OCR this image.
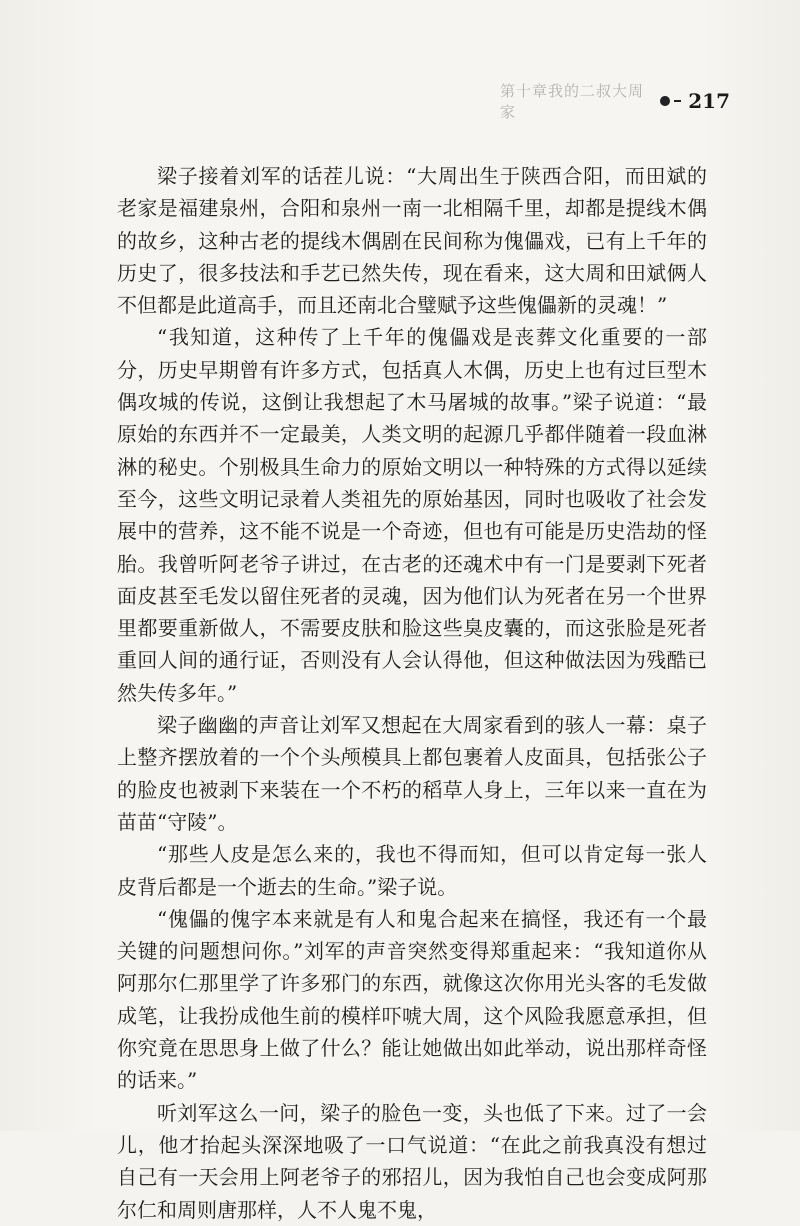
第十章我的二叔大周家	217

梁子接着刘军的话茬儿说：“大周出生于陕西合阳，而田斌的老家是福建泉州，合阳和泉州一南一北相隔千里，却都是提线木偶的故乡，这种古老的提线木偶剧在民间称为傀儡戏，已有上千年的历史了，很多技法和手艺已然失传，现在看来，这大周和田斌俩人不但都是此道高手，而且还南北合璧赋予这些傀儡新的灵魂！”

“我知道，这种传了上千年的傀儡戏是丧葬文化重要的一部分，历史早期曾有许多方式，包括真人木偶，历史上也有过巨型木偶攻城的传说，这倒让我想起了木马屠城的故事。”梁子说道：“最原始的东西并不一定最美，人类文明的起源几乎都伴随着一段血淋淋的秘史。个别极具生命力的原始文明以一种特殊的方式得以延续至今，这些文明记录着人类祖先的原始基因，同时也吸收了社会发展中的营养，这不能不说是一个奇迹，但也有可能是历史浩劫的怪胎。我曾听阿老爷子讲过，在古老的还魂术中有一门是要剥下死者面皮甚至毛发以留住死者的灵魂，因为他们认为死者在另一个世界里都要重新做人，不需要皮肤和脸这些臭皮囊的，而这张脸是死者重回人间的通行证，否则没有人会认得他，但这种做法因为残酷已然失传多年。”

梁子幽幽的声音让刘军又想起在大周家看到的骇人一幕：桌子上整齐摆放着的一个个头颅模具上都包裹着人皮面具，包括张公子的脸皮也被剥下来装在一个不朽的稻草人身上，三年以来一直在为苗苗“守陵”。

“那些人皮是怎么来的，我也不得而知，但可以肯定每一张人皮背后都是一个逝去的生命。”梁子说。

“傀儡的傀字本来就是有人和鬼合起来在搞怪，我还有一个最关键的问题想问你。”刘军的声音突然变得郑重起来：“我知道你从阿那尔仁那里学了许多邪门的东西，就像这次你用光头客的毛发做成笔，让我扮成他生前的模样吓唬大周，这个风险我愿意承担，但你究竟在思思身上做了什么？能让她做出如此举动，说出那样奇怪的话来。”

听刘军这么一问，梁子的脸色一变，头也低了下来。过了一会儿，他才抬起头深深地吸了一口气说道：“在此之前我真没有想过自己有一天会用上阿老爷子的邪招儿，因为我怕自己也会变成阿那尔仁和周则唐那样，人不人鬼不鬼，
